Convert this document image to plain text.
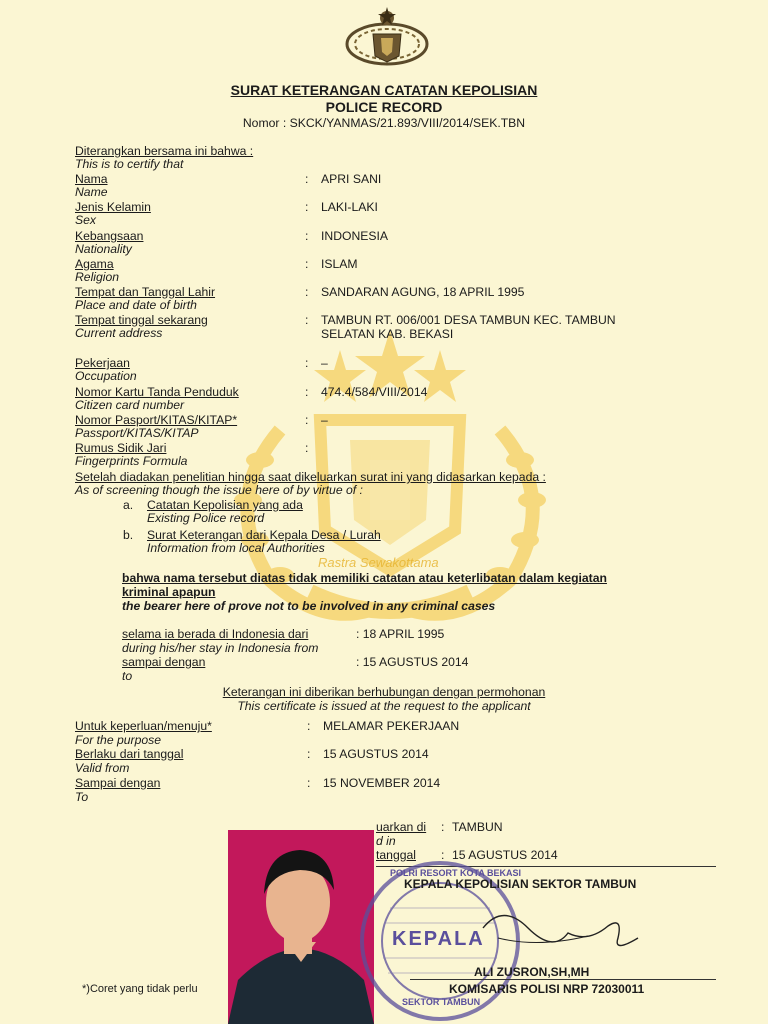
Rastra Sewakottama
SURAT KETERANGAN CATATAN KEPOLISIAN
POLICE RECORD
Nomor : SKCK/YANMAS/21.893/VIII/2014/SEK.TBN
Diterangkan bersama ini bahwa :
This is to certify that
Nama
Name
: APRI SANI
Jenis Kelamin
Sex
: LAKI-LAKI
Kebangsaan
Nationality
: INDONESIA
Agama
Religion
: ISLAM
Tempat dan Tanggal Lahir
Place and date of birth
: SANDARAN AGUNG, 18 APRIL 1995
Tempat tinggal sekarang
Current address
: TAMBUN RT. 006/001 DESA TAMBUN KEC. TAMBUN
SELATAN KAB. BEKASI
Pekerjaan
Occupation
: –
Nomor Kartu Tanda Penduduk
Citizen card number
: 474.4/584/VIII/2014
Nomor Pasport/KITAS/KITAP*
Passport/KITAS/KITAP
: –
Rumus Sidik Jari
Fingerprints Formula
:
Setelah diadakan penelitian hingga saat dikeluarkan surat ini yang didasarkan kepada :
As of screening though the issue here of by virtue of :
a. Catatan Kepolisian yang ada
Existing Police record
b. Surat Keterangan dari Kepala Desa / Lurah
Information from local Authorities
bahwa nama tersebut diatas tidak memiliki catatan atau keterlibatan dalam kegiatan
kriminal apapun
the bearer here of prove not to be involved in any criminal cases
selama ia berada di Indonesia dari
during his/her stay in Indonesia from
: 18 APRIL 1995
sampai dengan
to
: 15 AGUSTUS 2014
Keterangan ini diberikan berhubungan dengan permohonan
This certificate is issued at the request to the applicant
Untuk keperluan/menuju*
For the purpose
: MELAMAR PEKERJAAN
Berlaku dari tanggal
Valid from
: 15 AGUSTUS 2014
Sampai dengan
To
: 15 NOVEMBER 2014
uarkan di
d in
: TAMBUN
tanggal : 15 AGUSTUS 2014
POLRI RESORT KOTA BEKASI
KEPALA
SEKTOR TAMBUN
KEPALA KEPOLISIAN SEKTOR TAMBUN
ALI ZUSRON,SH,MH
KOMISARIS POLISI NRP 72030011
*)Coret yang tidak perlu
